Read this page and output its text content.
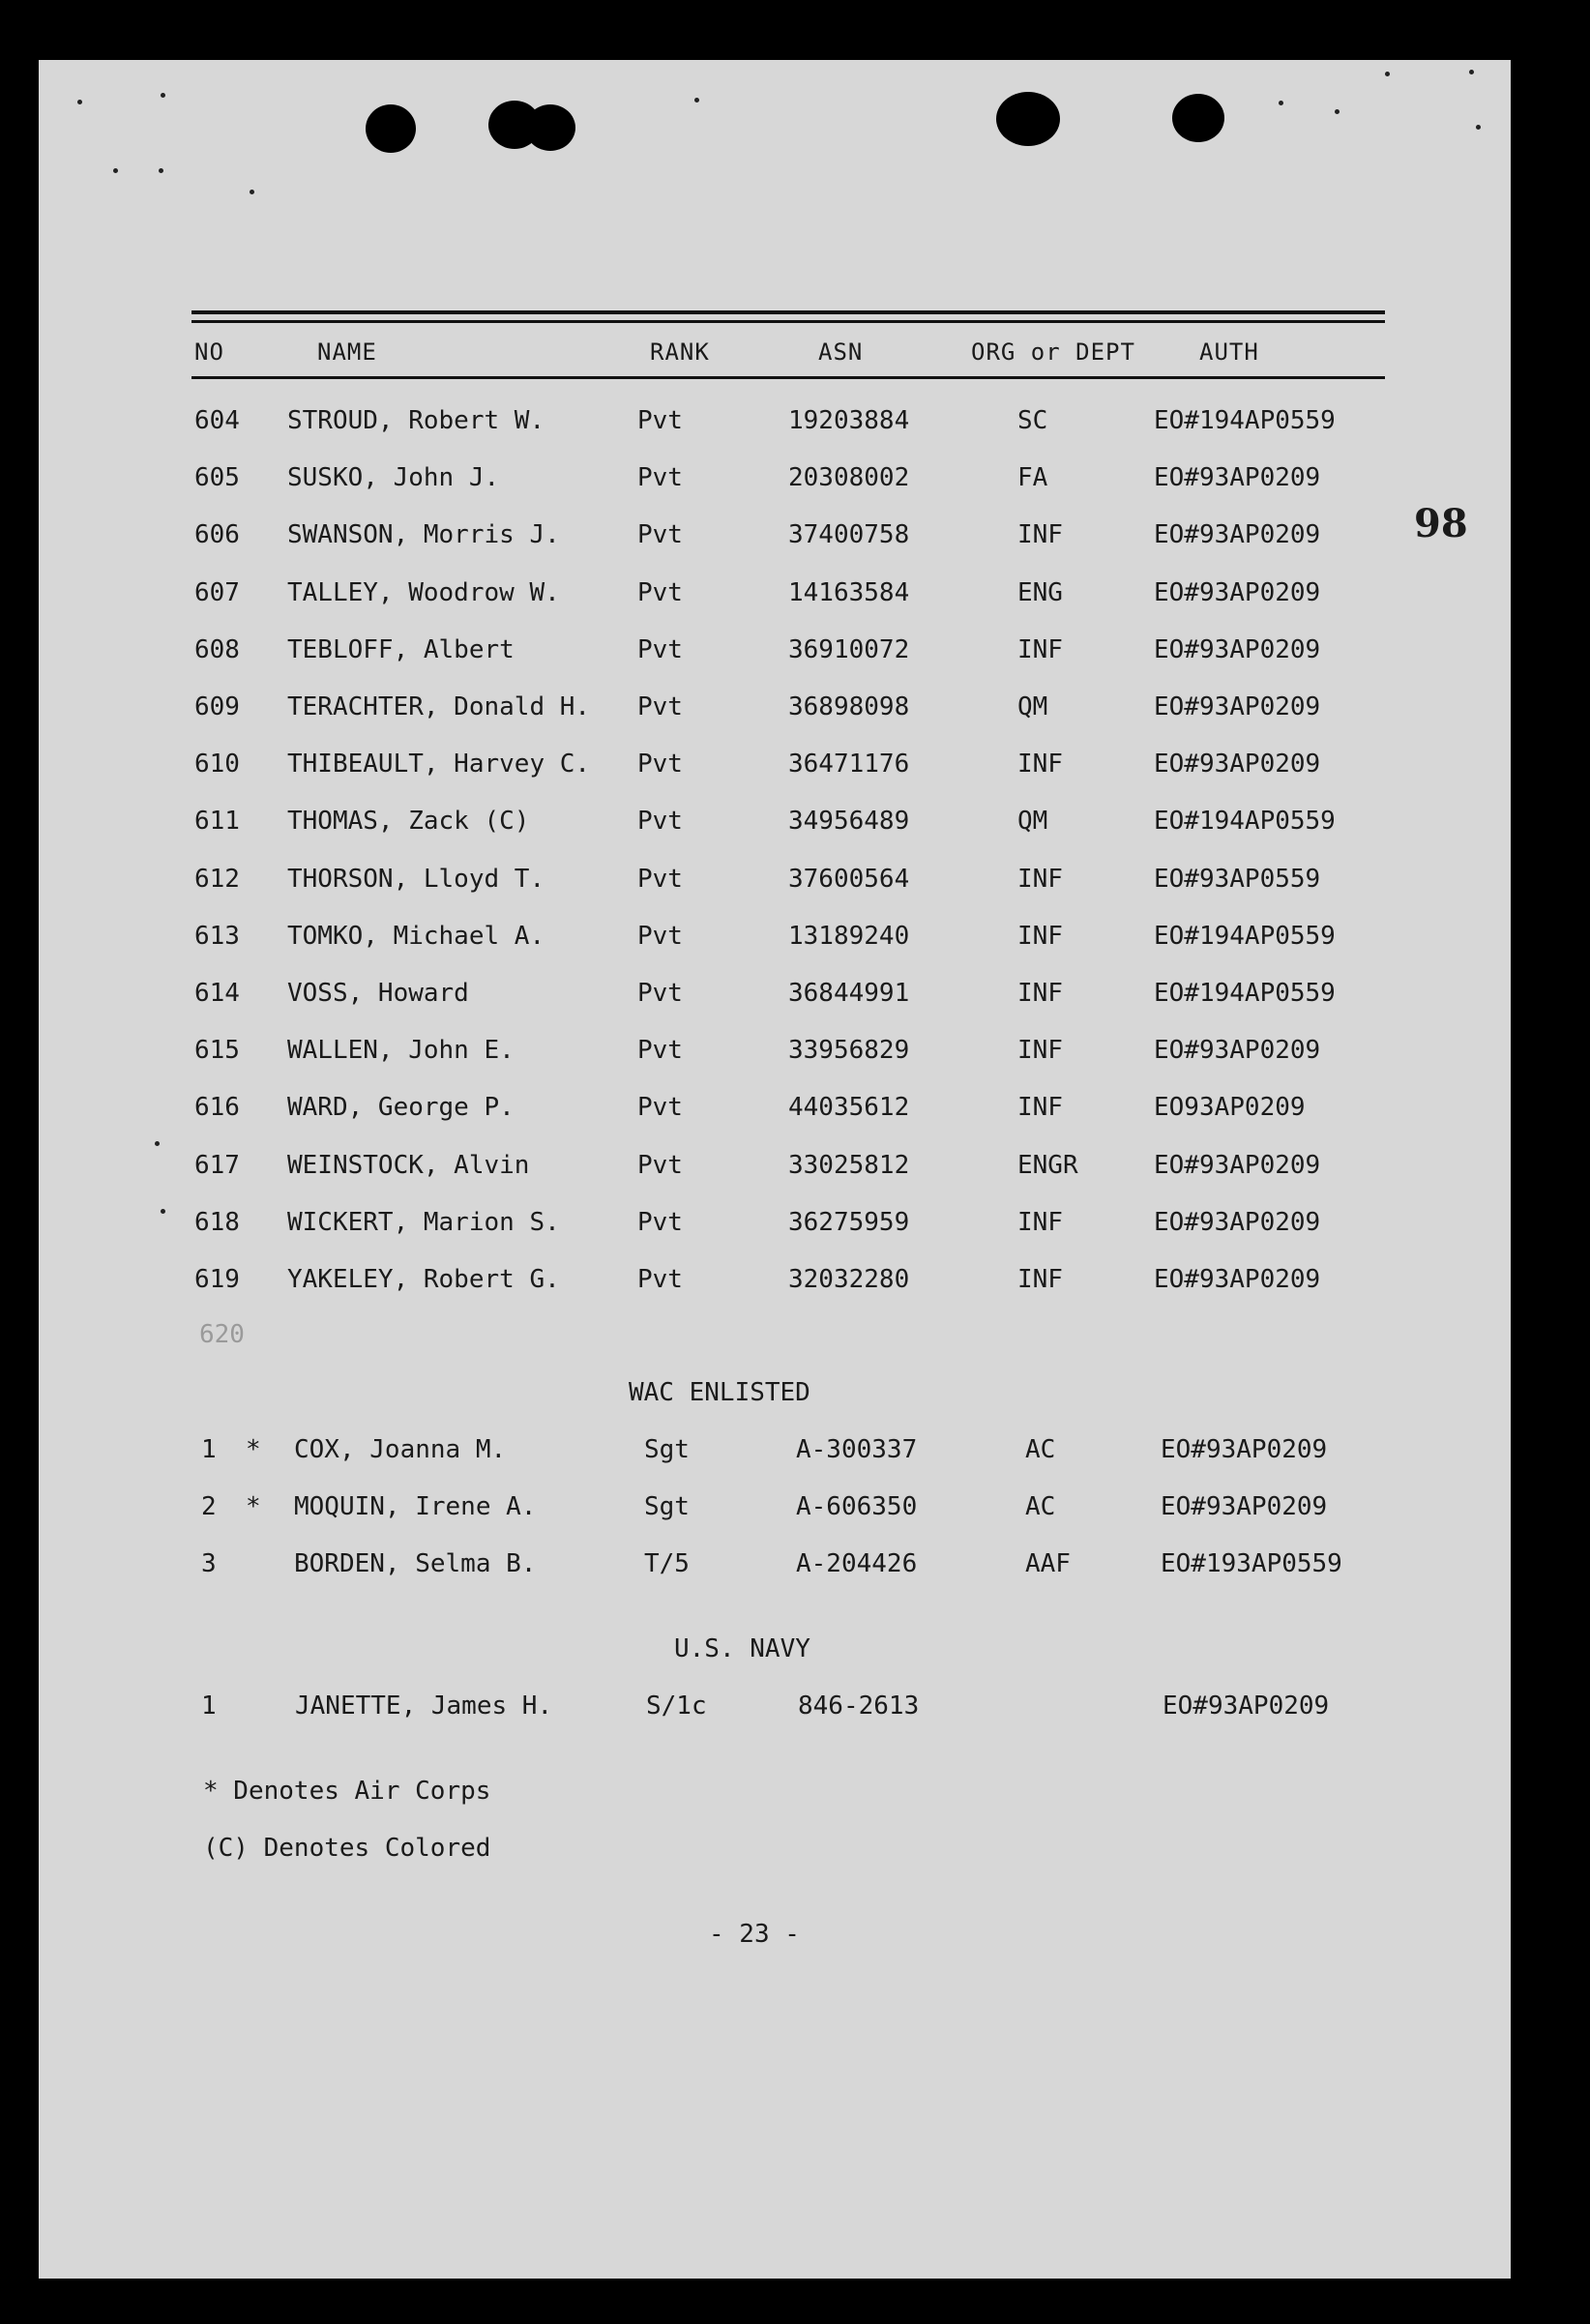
NO	NAME	RANK	ASN	ORG or DEPT	AUTH
98
604 STROUD, Robert W.	Pvt	19203884	SC	EO#194AP0559
605 SUSKO, John J.	Pvt	20308002	FA	EO#93AP0209
606 SWANSON, Morris J.	Pvt	37400758	INF	EO#93AP0209
607 TALLEY, Woodrow W.	Pvt	14163584	ENG	EO#93AP0209
608 TEBLOFF, Albert	Pvt	36910072	INF	EO#93AP0209
609 TERACHTER, Donald H. Pvt	36898098	QM	EO#93AP0209
610 THIBEAULT, Harvey C. Pvt	36471176	INF	EO#93AP0209
611 THOMAS, Zack (C)	Pvt	34956489	QM	EO#194AP0559
612 THORSON, Lloyd T.	Pvt	37600564	INF	EO#93AP0559
613 TOMKO, Michael A.	Pvt	13189240	INF	EO#194AP0559
614 VOSS, Howard	Pvt	36844991	INF	EO#194AP0559
615 WALLEN, John E.	Pvt	33956829	INF	EO#93AP0209
616 WARD, George P.	Pvt	44035612	INF	EO93AP0209
617 WEINSTOCK, Alvin	Pvt	33025812	ENGR	EO#93AP0209
618 WICKERT, Marion S.	Pvt	36275959	INF	EO#93AP0209
619 YAKELEY, Robert G.	Pvt	32032280	INF	EO#93AP0209
620
WAC ENLISTED
1 * COX, Joanna M.	Sgt	A-300337	AC	EO#93AP0209
2 * MOQUIN, Irene A.	Sgt	A-606350	AC	EO#93AP0209
3	BORDEN, Selma B.	T/5	A-204426	AAF	EO#193AP0559
U.S. NAVY
1	JANETTE, James H.	S/1c	846-2613	EO#93AP0209
* Denotes Air Corps
(C) Denotes Colored
- 23 -
